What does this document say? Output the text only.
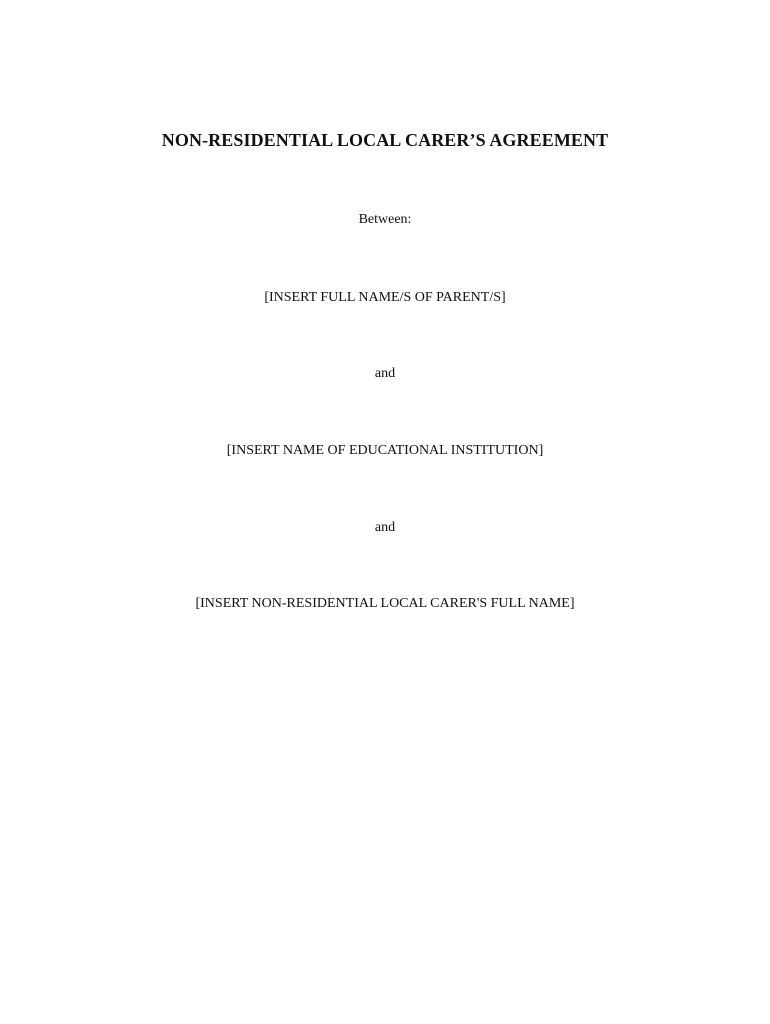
NON-RESIDENTIAL LOCAL CARER’S AGREEMENT
Between:
[INSERT FULL NAME/S OF PARENT/S]
and
[INSERT NAME OF EDUCATIONAL INSTITUTION]
and
[INSERT NON-RESIDENTIAL LOCAL CARER'S FULL NAME]
